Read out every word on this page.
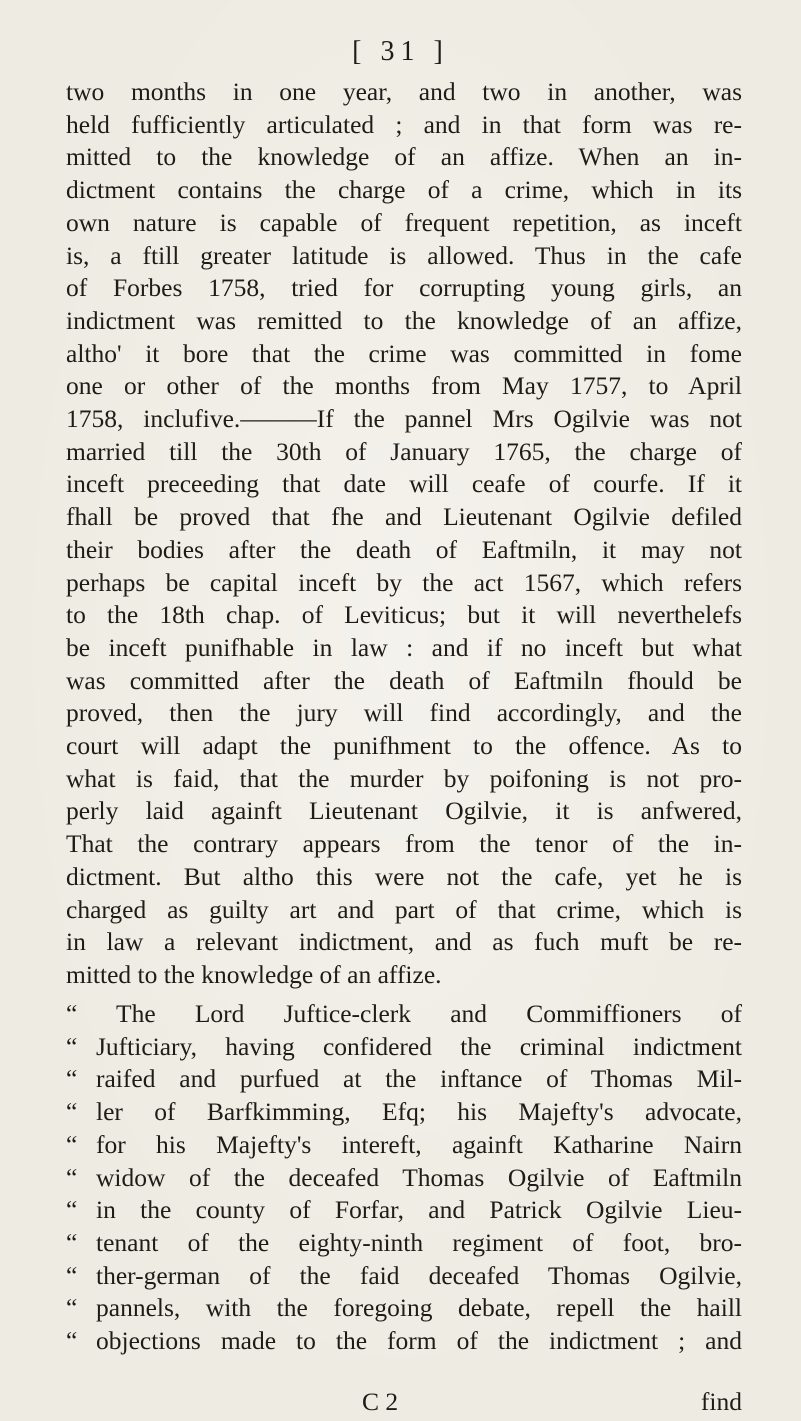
[ 31 ]
two months in one year, and two in another, was
held fufficiently articulated ; and in that form was re-
mitted to the knowledge of an affize. When an in-
dictment contains the charge of a crime, which in its
own nature is capable of frequent repetition, as inceft
is, a ftill greater latitude is allowed. Thus in the cafe
of Forbes 1758, tried for corrupting young girls, an
indictment was remitted to the knowledge of an affize,
altho' it bore that the crime was committed in fome
one or other of the months from May 1757, to April
1758, inclufive.———If the pannel Mrs Ogilvie was not
married till the 30th of January 1765, the charge of
inceft preceeding that date will ceafe of courfe. If it
fhall be proved that fhe and Lieutenant Ogilvie defiled
their bodies after the death of Eaftmiln, it may not
perhaps be capital inceft by the act 1567, which refers
to the 18th chap. of Leviticus; but it will neverthelefs
be inceft punifhable in law : and if no inceft but what
was committed after the death of Eaftmiln fhould be
proved, then the jury will find accordingly, and the
court will adapt the punifhment to the offence. As to
what is faid, that the murder by poifoning is not pro-
perly laid againft Lieutenant Ogilvie, it is anfwered,
That the contrary appears from the tenor of the in-
dictment. But altho this were not the cafe, yet he is
charged as guilty art and part of that crime, which is
in law a relevant indictment, and as fuch muft be re-
mitted to the knowledge of an affize.
“	The Lord Juftice-clerk and Commiffioners of
“ Jufticiary, having confidered the criminal indictment
“ raifed and purfued at the inftance of Thomas Mil-
“ ler of Barfkimming, Efq; his Majefty's advocate,
“ for his Majefty's intereft, againft Katharine Nairn
“ widow of the deceafed Thomas Ogilvie of Eaftmiln
“ in the county of Forfar, and Patrick Ogilvie Lieu-
“ tenant of the eighty-ninth regiment of foot, bro-
“ ther-german of the faid deceafed Thomas Ogilvie,
“ pannels, with the foregoing debate, repell the haill
“ objections made to the form of the indictment ; and
C 2	find
